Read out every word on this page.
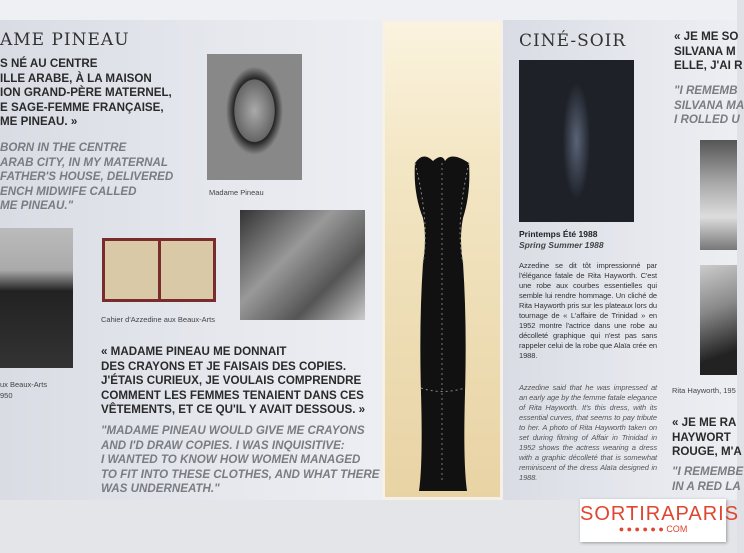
AME PINEAU
S NÉ AU CENTRE
ILLE ARABE, À LA MAISON
ION GRAND-PÈRE MATERNEL,
E SAGE-FEMME FRANÇAISE,
ME PINEAU. »
BORN IN THE CENTRE
ARAB CITY, IN MY MATERNAL
FATHER'S HOUSE, DELIVERED
ENCH MIDWIFE CALLED
ME PINEAU."
Madame Pineau
ux Beaux-Arts
950
Cahier d'Azzedine aux Beaux-Arts
« MADAME PINEAU ME DONNAIT
DES CRAYONS ET JE FAISAIS DES COPIES.
J'ÉTAIS CURIEUX, JE VOULAIS COMPRENDRE
COMMENT LES FEMMES TENAIENT DANS CES
VÊTEMENTS, ET CE QU'IL Y AVAIT DESSOUS. »
"MADAME PINEAU WOULD GIVE ME CRAYONS
AND I'D DRAW COPIES. I WAS INQUISITIVE:
I WANTED TO KNOW HOW WOMEN MANAGED
TO FIT INTO THESE CLOTHES, AND WHAT THERE
WAS UNDERNEATH."
CINÉ-SOIR
Printemps Été 1988
Spring Summer 1988
Azzedine se dit tôt impressionné par l'élégance fatale de Rita Hayworth. C'est une robe aux courbes essentielles qui semble lui rendre hommage. Un cliché de Rita Hayworth pris sur les plateaux lors du tournage de « L'affaire de Trinidad » en 1952 montre l'actrice dans une robe au décolleté graphique qui n'est pas sans rappeler celui de la robe que Alaïa crée en 1988.
Azzedine said that he was impressed at an early age by the femme fatale elegance of Rita Hayworth. It's this dress, with its essential curves, that seems to pay tribute to her. A photo of Rita Hayworth taken on set during filming of Affair in Trinidad in 1952 shows the actress wearing a dress with a graphic décolleté that is somewhat reminiscent of the dress Alaïa designed in 1988.
« JE ME SO
SILVANA M
ELLE, J'AI R
"I REMEMB
SILVANA MA
I ROLLED U
Rita Hayworth, 195
« JE ME RA
HAYWORT
ROUGE, M'A
"I REMEMBE
IN A RED LA
SORTIRAPARIS
● ● ● ● ● ● COM
